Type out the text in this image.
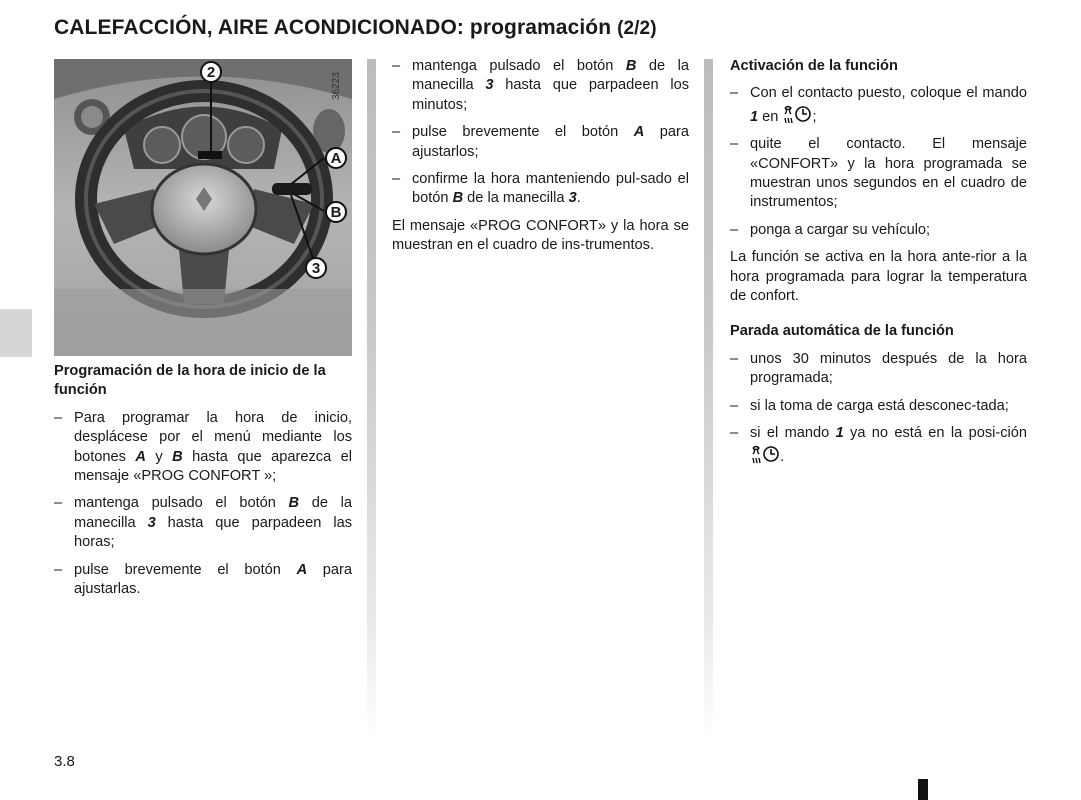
CALEFACCIÓN, AIRE ACONDICIONADO: programación (2/2)
2
A
B
3
36223
Programación de la hora de inicio de la función
– Para programar la hora de inicio, desplácese por el menú mediante los botones A y B hasta que aparezca el mensaje «PROG CONFORT »;
– mantenga pulsado el botón B de la manecilla 3 hasta que parpadeen las horas;
– pulse brevemente el botón A para ajustarlas.
– mantenga pulsado el botón B de la manecilla 3 hasta que parpadeen los minutos;
– pulse brevemente el botón A para ajustarlos;
– confirme la hora manteniendo pul-sado el botón B de la manecilla 3.

El mensaje «PROG CONFORT» y la hora se muestran en el cuadro de ins-trumentos.

Activación de la función
– Con el contacto puesto, coloque el mando 1 en ;
– quite el contacto. El mensaje «CONFORT» y la hora programada se muestran unos segundos en el cuadro de instrumentos;
– ponga a cargar su vehículo;

La función se activa en la hora ante-rior a la hora programada para lograr la temperatura de confort.

Parada automática de la función
– unos 30 minutos después de la hora programada;
– si la toma de carga está desconec-tada;
– si el mando 1 ya no está en la posi-ción .
3.8
